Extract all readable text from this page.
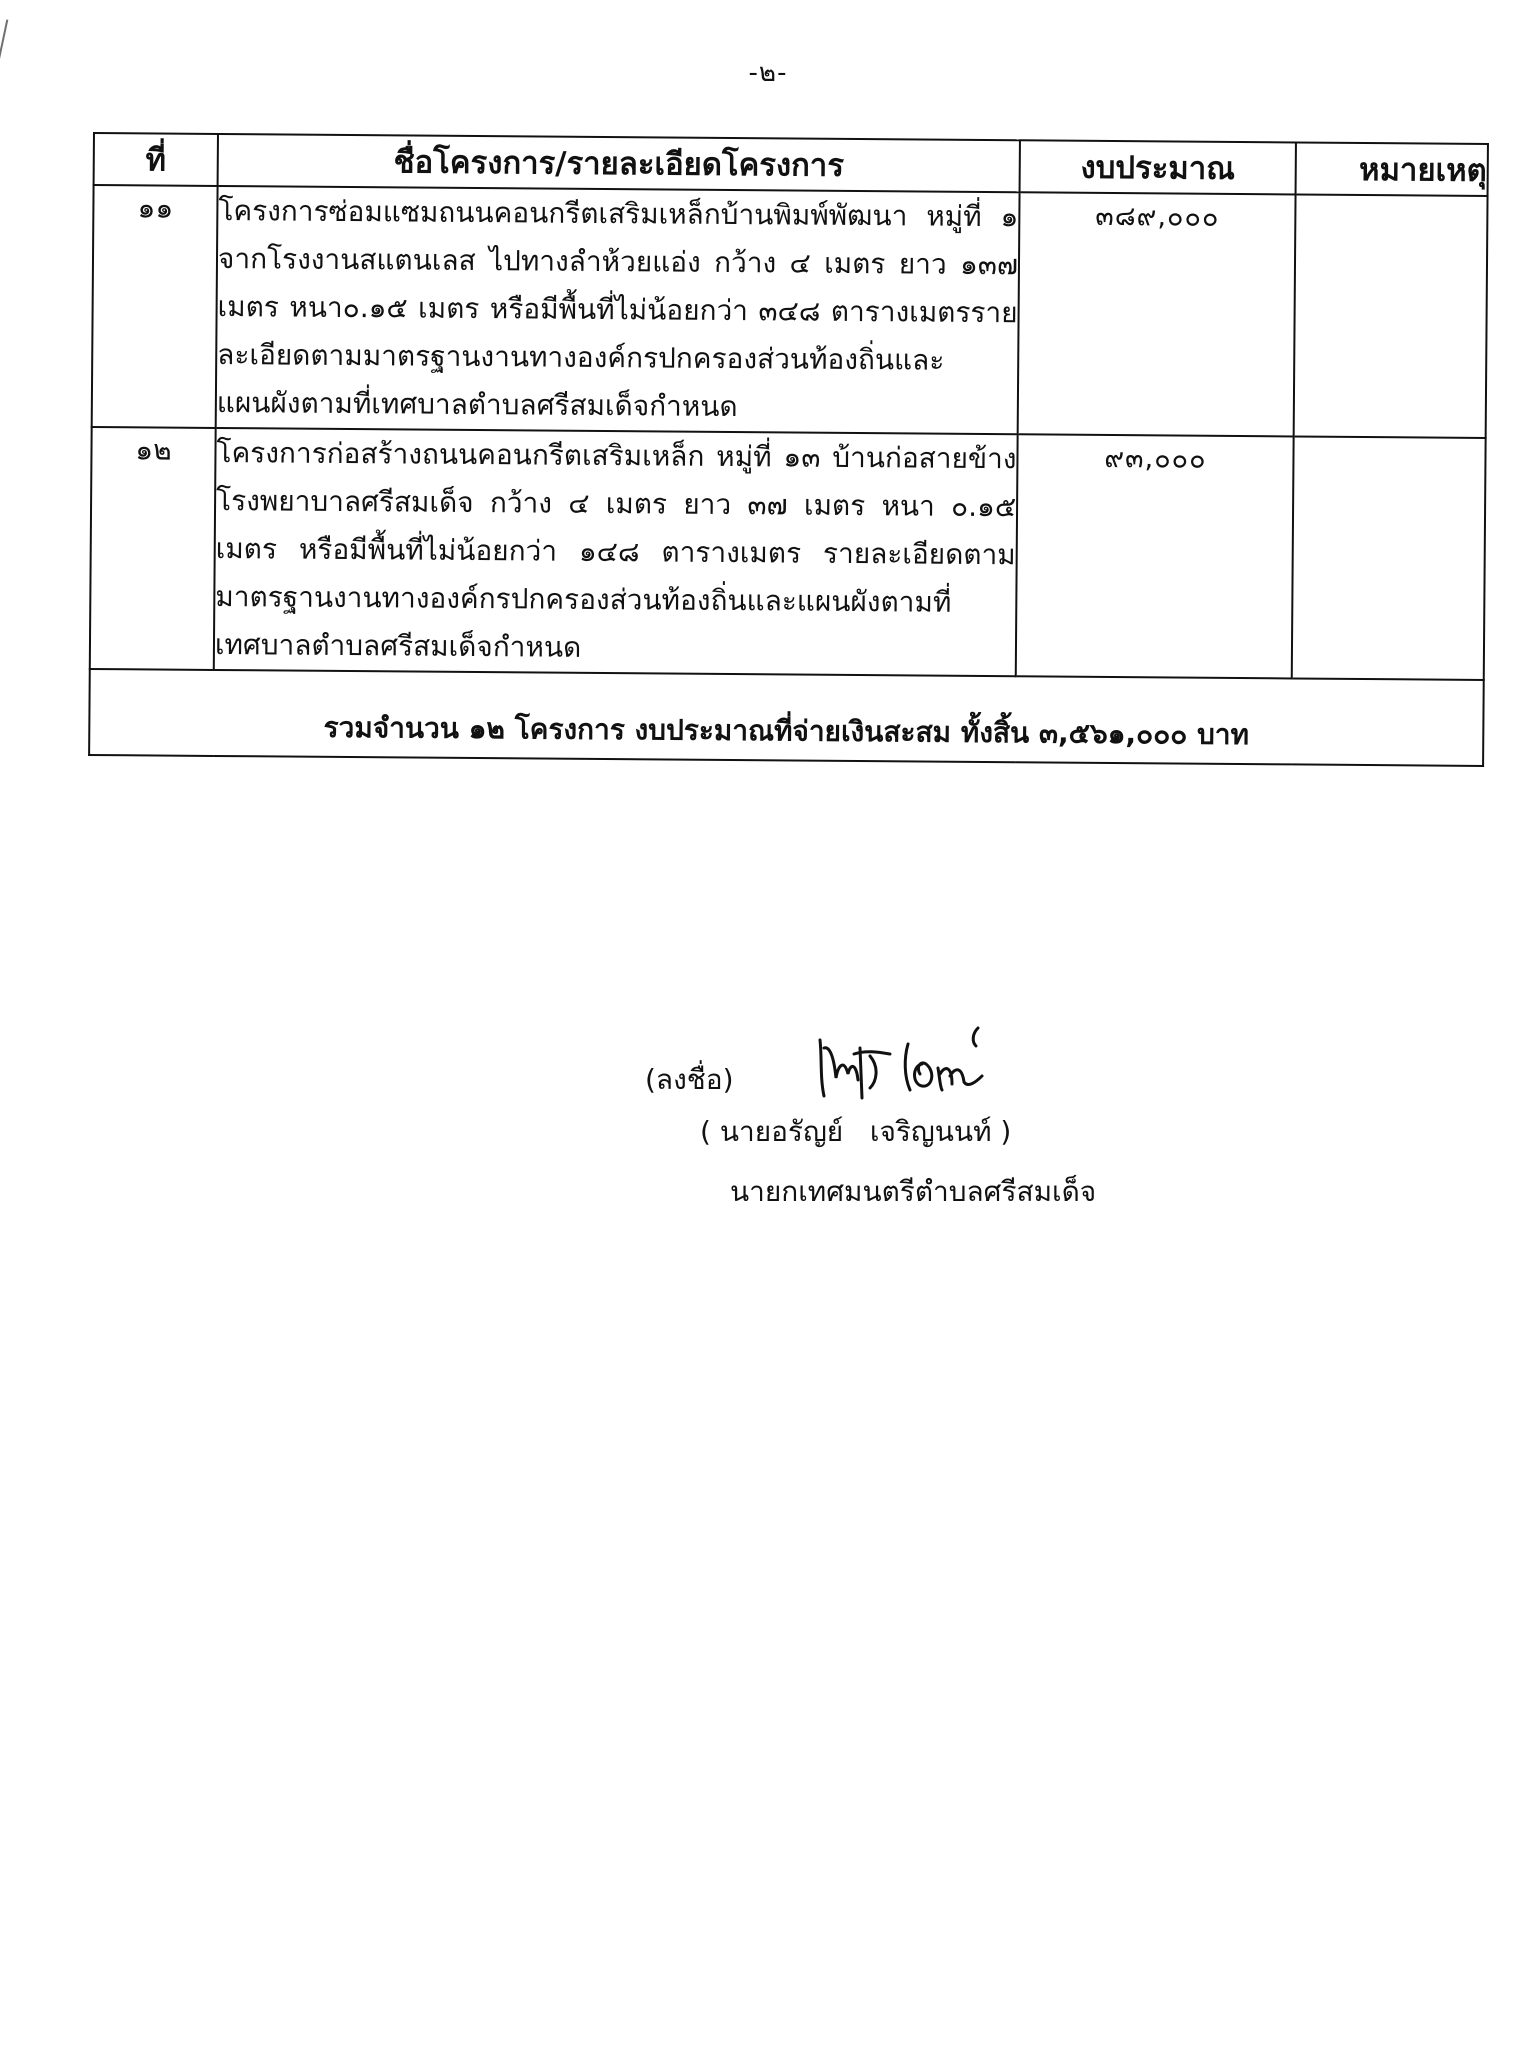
-๒-
ที่	ชื่อโครงการ/รายละเอียดโครงการ	งบประมาณ	หมายเหตุ
๑๑	โครงการซ่อมแซมถนนคอนกรีตเสริมเหล็กบ้านพิมพ์พัฒนา หมู่ที่ ๑ จากโรงงานสแตนเลส ไปทางลำห้วยแอ่ง กว้าง ๔ เมตร ยาว ๑๓๗ เมตร หนา๐.๑๕ เมตร หรือมีพื้นที่ไม่น้อยกว่า ๓๔๘ ตารางเมตรรายละเอียดตามมาตรฐานงานทางองค์กรปกครองส่วนท้องถิ่นและแผนผังตามที่เทศบาลตำบลศรีสมเด็จกำหนด	๓๘๙,๐๐๐	
๑๒	โครงการก่อสร้างถนนคอนกรีตเสริมเหล็ก หมู่ที่ ๑๓ บ้านก่อสายข้างโรงพยาบาลศรีสมเด็จ กว้าง ๔ เมตร ยาว ๓๗ เมตร หนา ๐.๑๕ เมตร หรือมีพื้นที่ไม่น้อยกว่า ๑๔๘ ตารางเมตร รายละเอียดตามมาตรฐานงานทางองค์กรปกครองส่วนท้องถิ่นและแผนผังตามที่เทศบาลตำบลศรีสมเด็จกำหนด	๙๓,๐๐๐	
รวมจำนวน ๑๒ โครงการ งบประมาณที่จ่ายเงินสะสม ทั้งสิ้น ๓,๕๖๑,๐๐๐ บาท			
(ลงชื่อ)
( นายอรัญย์   เจริญนนท์ )
นายกเทศมนตรีตำบลศรีสมเด็จ
